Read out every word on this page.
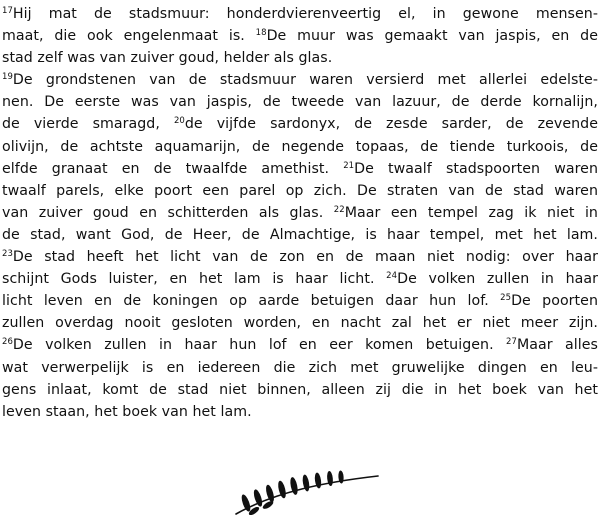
$^{17}$Hij mat de stadsmuur: honderdvierenveertig el, in gewone mensen-
maat, die ook engelenmaat is. $^{18}$De muur was gemaakt van jaspis, en de
stad zelf was van zuiver goud, helder als glas.
$^{19}$De grondstenen van de stadsmuur waren versierd met allerlei edelste-
nen. De eerste was van jaspis, de tweede van lazuur, de derde kornalijn,
de vierde smaragd, $^{20}$de vijfde sardonyx, de zesde sarder, de zevende
olivijn, de achtste aquamarijn, de negende topaas, de tiende turkoois, de
elfde granaat en de twaalfde amethist. $^{21}$De twaalf stadspoorten waren
twaalf parels, elke poort een parel op zich. De straten van de stad waren
van zuiver goud en schitterden als glas. $^{22}$Maar een tempel zag ik niet in
de stad, want God, de Heer, de Almachtige, is haar tempel, met het lam.
$^{23}$De stad heeft het licht van de zon en de maan niet nodig: over haar
schijnt Gods luister, en het lam is haar licht. $^{24}$De volken zullen in haar
licht leven en de koningen op aarde betuigen daar hun lof. $^{25}$De poorten
zullen overdag nooit gesloten worden, en nacht zal het er niet meer zijn.
$^{26}$De volken zullen in haar hun lof en eer komen betuigen. $^{27}$Maar alles
wat verwerpelijk is en iedereen die zich met gruwelijke dingen en leu-
gens inlaat, komt de stad niet binnen, alleen zij die in het boek van het
leven staan, het boek van het lam.
